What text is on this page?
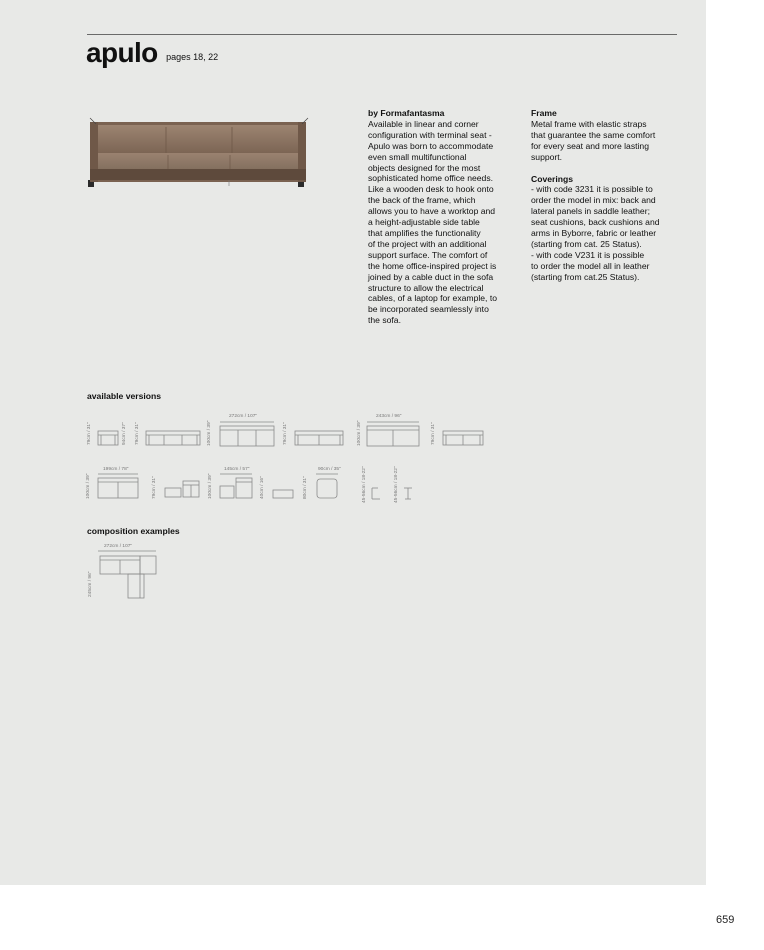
apulo pages 18, 22
by Formafantasma
Available in linear and corner
configuration with terminal seat -
Apulo was born to accommodate
even small multifunctional
objects designed for the most
sophisticated home office needs.
Like a wooden desk to hook onto
the back of the frame, which
allows you to have a worktop and
a height-adjustable side table
that amplifies the functionality
of the project with an additional
support surface. The comfort of
the home office-inspired project is
joined by a cable duct in the sofa
structure to allow the electrical
cables, of a laptop for example, to
be incorporated seamlessly into
the sofa.
Frame
Metal frame with elastic straps
that guarantee the same comfort
for every seat and more lasting
support.
Coverings
- with code 3231 it is possible to
order the model in mix: back and
lateral panels in saddle leather;
seat cushions, back cushions and
arms in Byborre, fabric or leather
(starting from cat. 25 Status).
- with code V231 it is possible
to order the model all in leather
(starting from cat.25 Status).
available versions
79cm / 31"	94cm / 37" 79cm / 31"	100cm / 39"
272cm / 107"
79cm / 31"	100cm / 39"
243cm / 96"
79cm / 31"
100cm / 39"
199cm / 78"
79cm / 31"	100cm / 39"
145cm / 57"
40cm / 16"	80cm / 31"
90cm / 35"	45-56cm / 18-22"	45-56cm / 18-22"
composition examples
272cm / 107"
245cm / 96"
659
